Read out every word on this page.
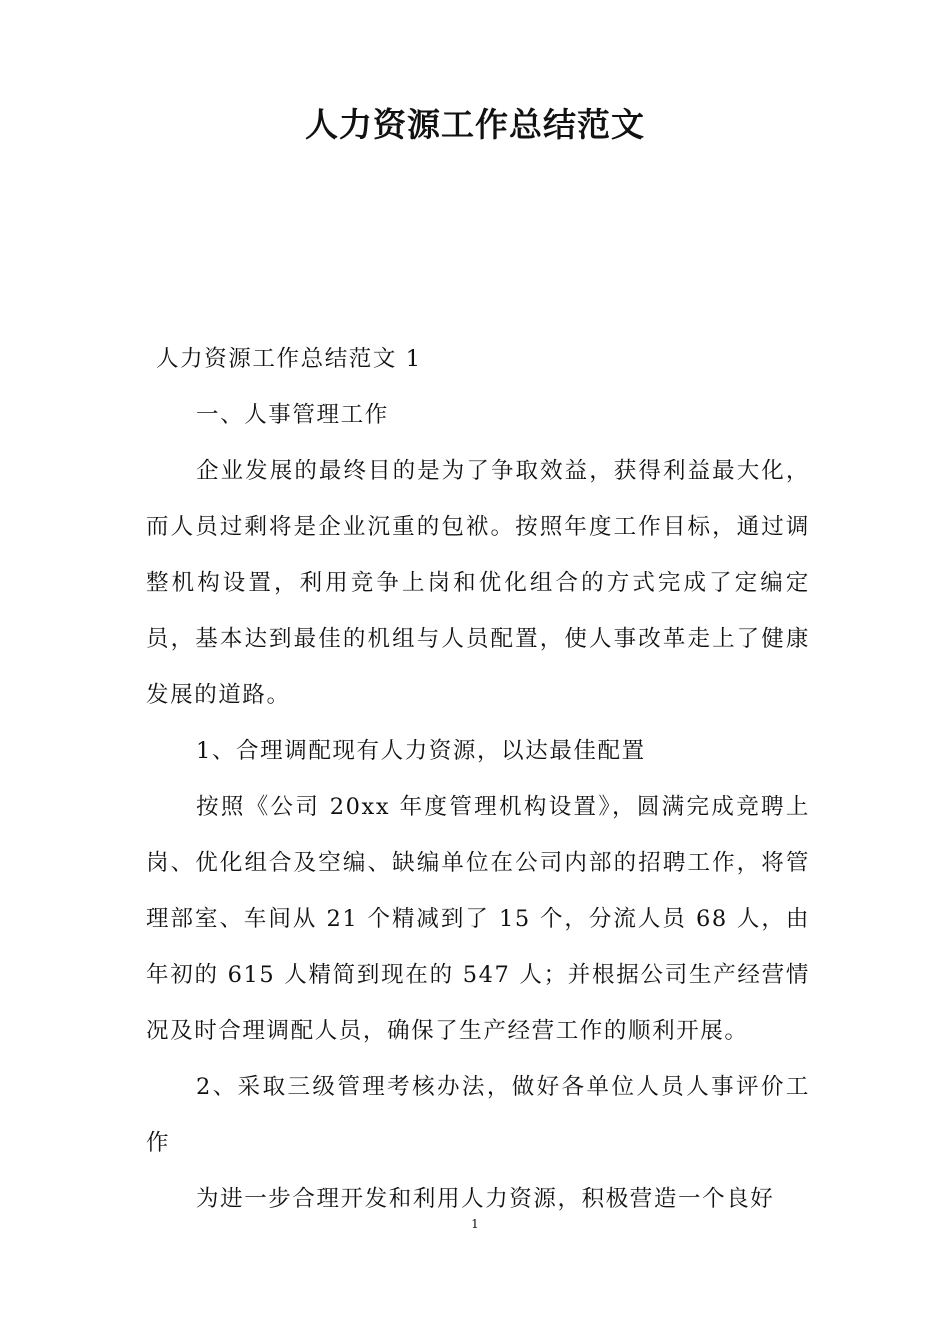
人力资源工作总结范文

人力资源工作总结范文 1

一、人事管理工作

企业发展的最终目的是为了争取效益，获得利益最大化，而人员过剩将是企业沉重的包袱。按照年度工作目标，通过调整机构设置，利用竞争上岗和优化组合的方式完成了定编定员，基本达到最佳的机组与人员配置，使人事改革走上了健康发展的道路。

1、合理调配现有人力资源，以达最佳配置

按照《公司 20xx 年度管理机构设置》，圆满完成竞聘上岗、优化组合及空编、缺编单位在公司内部的招聘工作，将管理部室、车间从 21 个精减到了 15 个，分流人员 68 人，由年初的 615 人精简到现在的 547 人；并根据公司生产经营情况及时合理调配人员，确保了生产经营工作的顺利开展。

2、采取三级管理考核办法，做好各单位人员人事评价工作

为进一步合理开发和利用人力资源，积极营造一个良好

1
